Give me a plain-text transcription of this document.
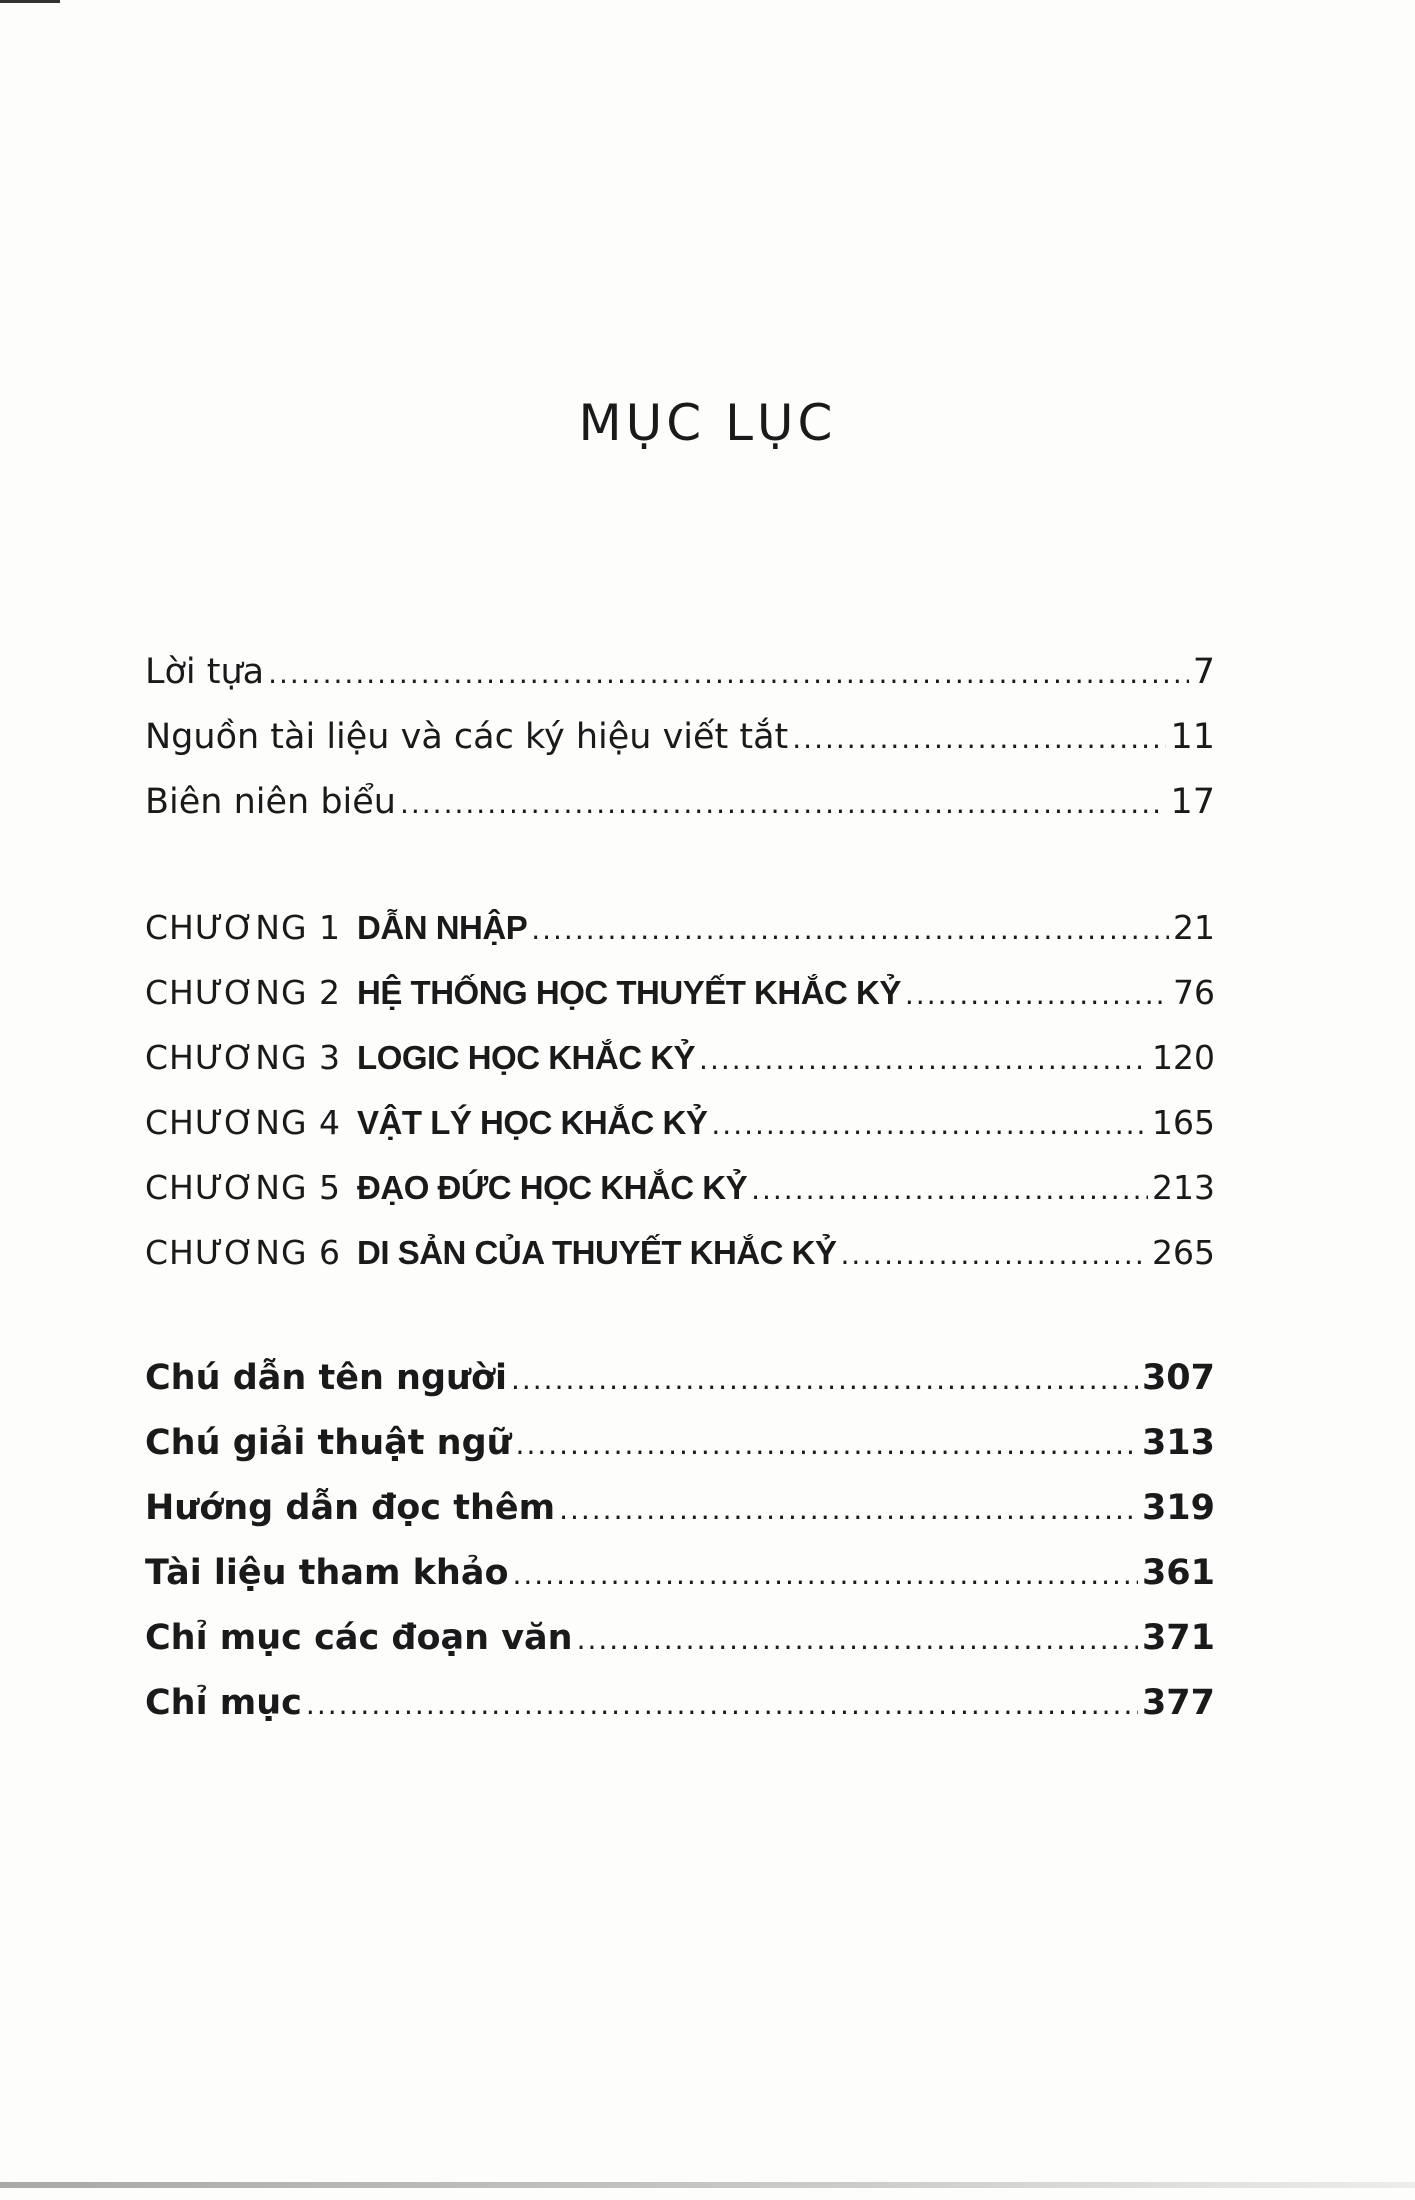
MỤC LỤC
Lời tựa .....	7
Nguồn tài liệu và các ký hiệu viết tắt .....	11
Biên niên biểu .....	17
CHƯƠNG 1 DẪN NHẬP .....	21
CHƯƠNG 2 HỆ THỐNG HỌC THUYẾT KHẮC KỶ .....	76
CHƯƠNG 3 LOGIC HỌC KHẮC KỶ .....	120
CHƯƠNG 4 VẬT LÝ HỌC KHẮC KỶ .....	165
CHƯƠNG 5 ĐẠO ĐỨC HỌC KHẮC KỶ .....	213
CHƯƠNG 6 DI SẢN CỦA THUYẾT KHẮC KỶ .....	265
Chú dẫn tên người .....	307
Chú giải thuật ngữ .....	313
Hướng dẫn đọc thêm .....	319
Tài liệu tham khảo .....	361
Chỉ mục các đoạn văn .....	371
Chỉ mục .....	377
